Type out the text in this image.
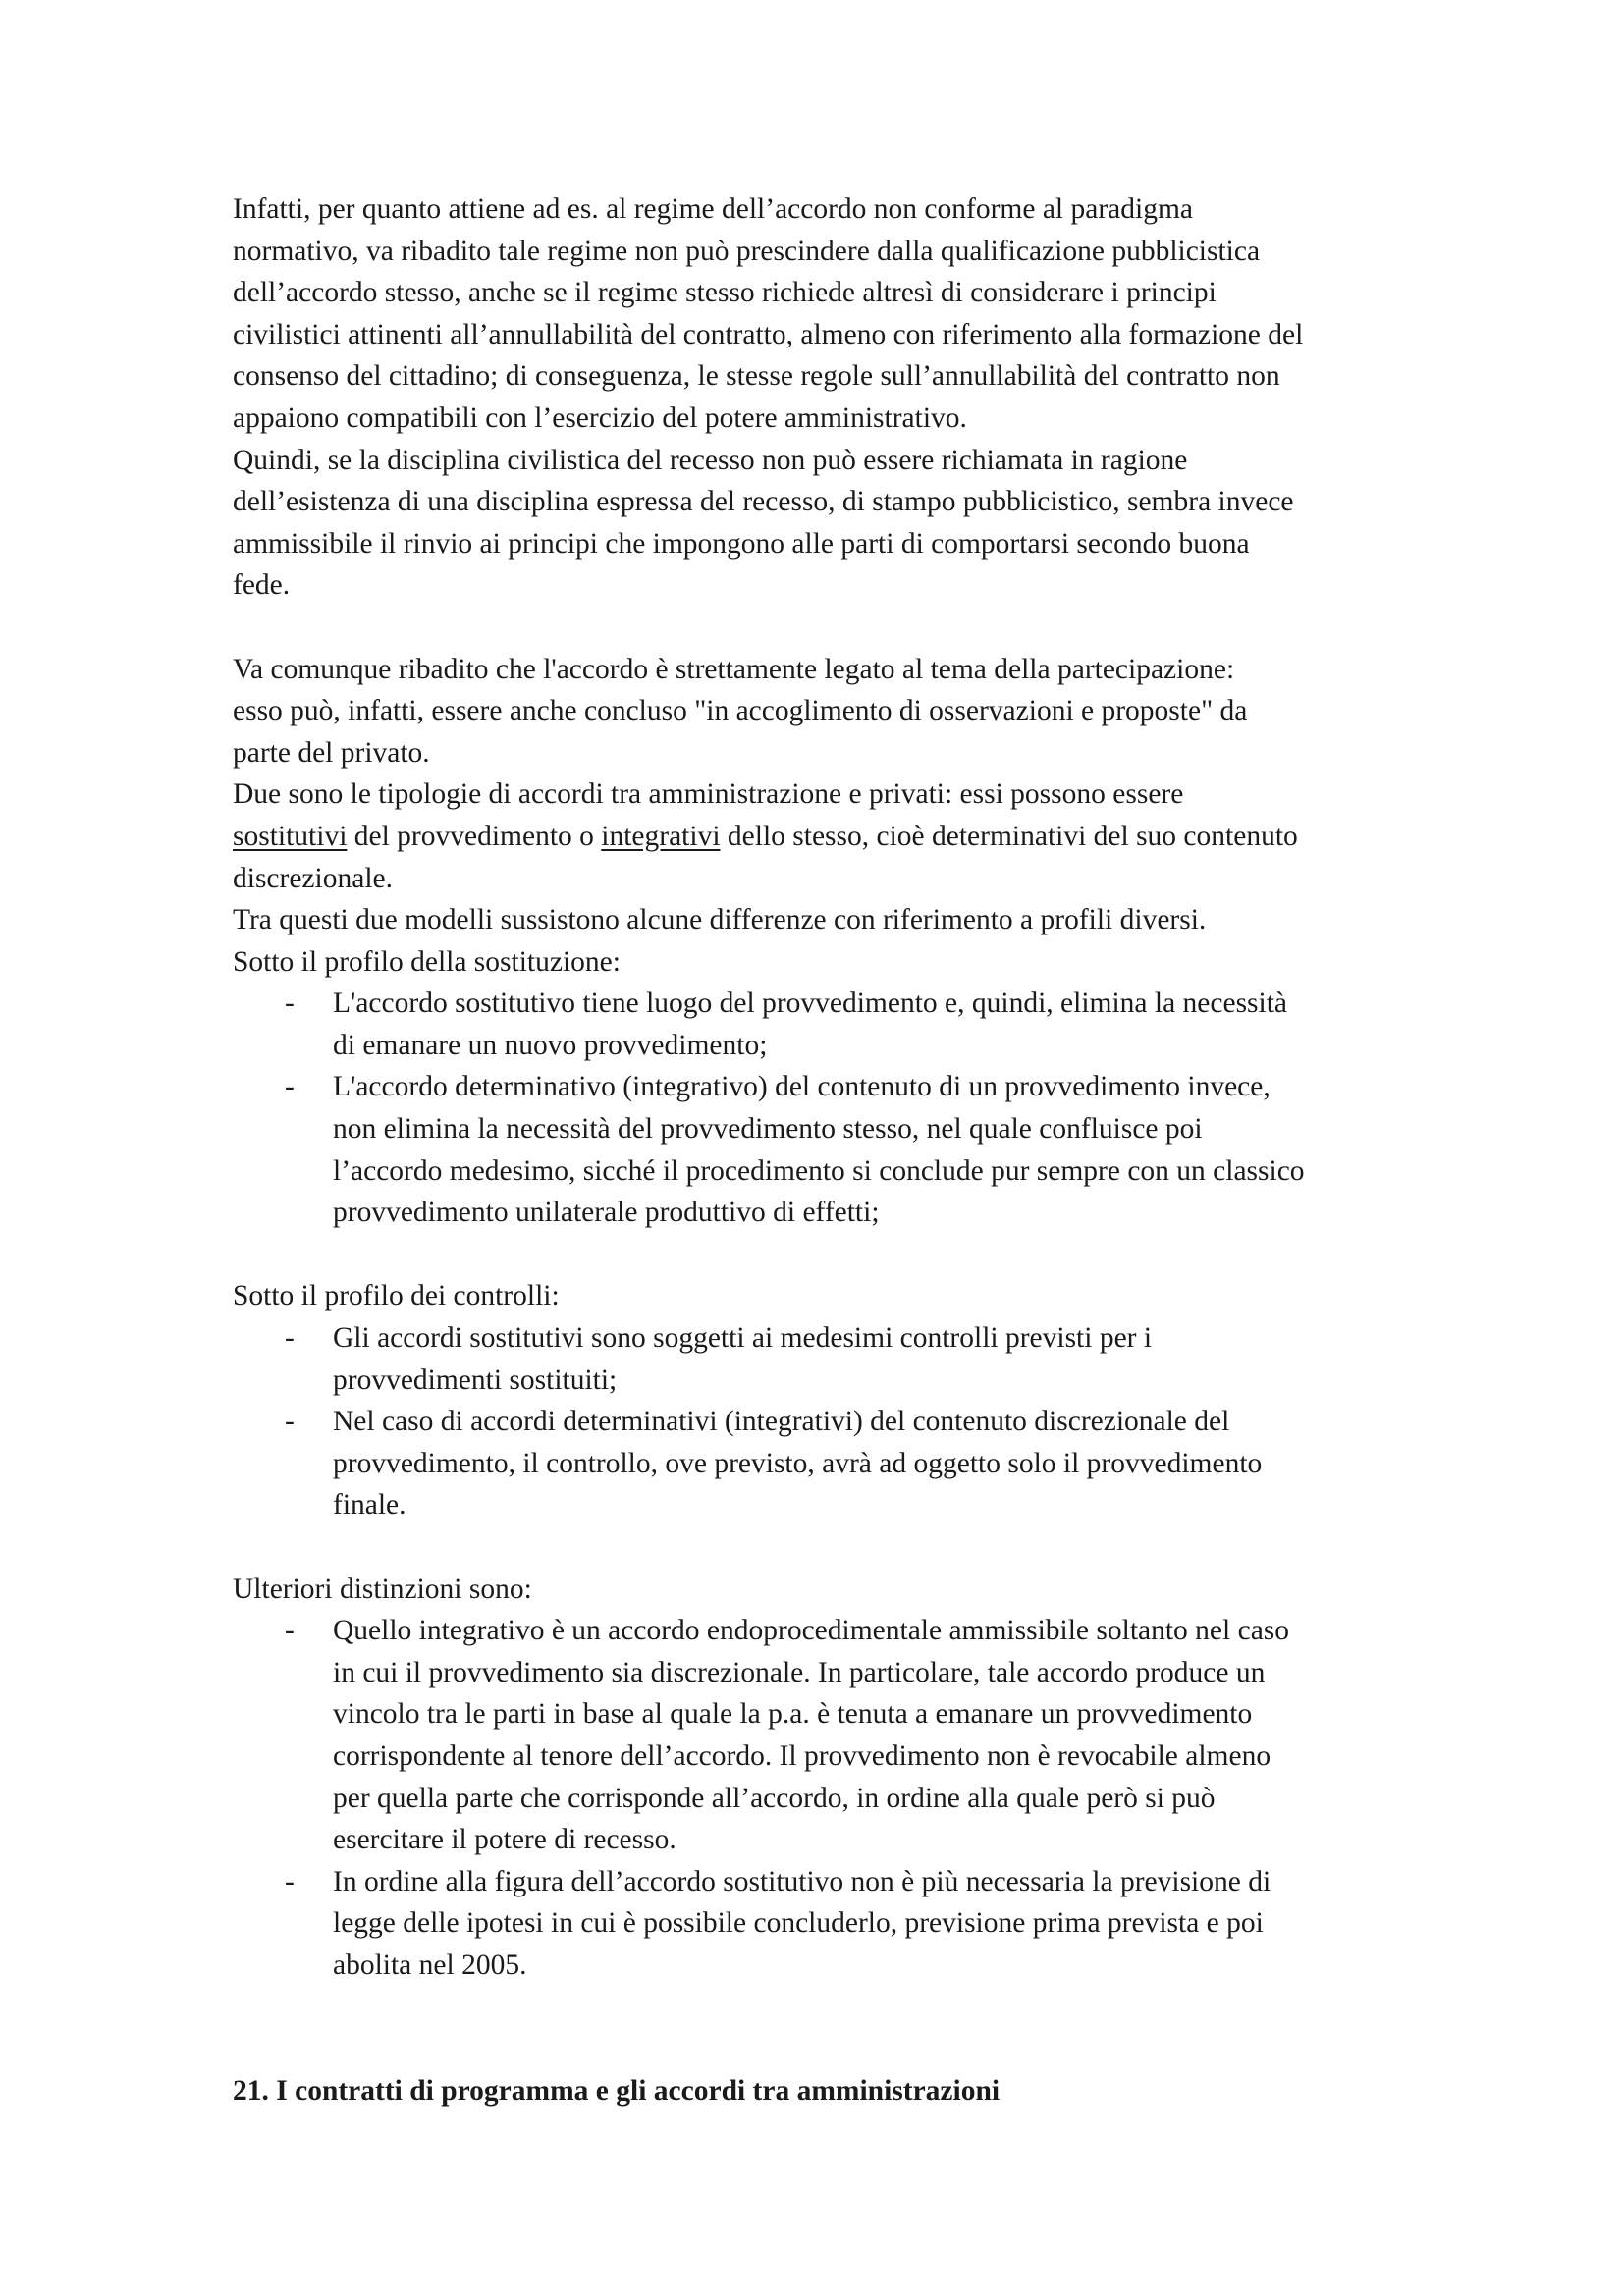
Infatti, per quanto attiene ad es. al regime dell’accordo non conforme al paradigma
normativo, va ribadito tale regime non può prescindere dalla qualificazione pubblicistica
dell’accordo stesso, anche se il regime stesso richiede altresì di considerare i principi
civilistici attinenti all’annullabilità del contratto, almeno con riferimento alla formazione del
consenso del cittadino; di conseguenza, le stesse regole sull’annullabilità del contratto non
appaiono compatibili con l’esercizio del potere amministrativo.

Quindi, se la disciplina civilistica del recesso non può essere richiamata in ragione
dell’esistenza di una disciplina espressa del recesso, di stampo pubblicistico, sembra invece
ammissibile il rinvio ai principi che impongono alle parti di comportarsi secondo buona
fede.

Va comunque ribadito che l'accordo è strettamente legato al tema della partecipazione:
esso può, infatti, essere anche concluso "in accoglimento di osservazioni e proposte" da
parte del privato.

Due sono le tipologie di accordi tra amministrazione e privati: essi possono essere
sostitutivi del provvedimento o integrativi dello stesso, cioè determinativi del suo contenuto
discrezionale.

Tra questi due modelli sussistono alcune differenze con riferimento a profili diversi.

Sotto il profilo della sostituzione:

- L'accordo sostitutivo tiene luogo del provvedimento e, quindi, elimina la necessità
di emanare un nuovo provvedimento;
- L'accordo determinativo (integrativo) del contenuto di un provvedimento invece,
non elimina la necessità del provvedimento stesso, nel quale confluisce poi
l’accordo medesimo, sicché il procedimento si conclude pur sempre con un classico
provvedimento unilaterale produttivo di effetti;

Sotto il profilo dei controlli:

- Gli accordi sostitutivi sono soggetti ai medesimi controlli previsti per i
provvedimenti sostituiti;
- Nel caso di accordi determinativi (integrativi) del contenuto discrezionale del
provvedimento, il controllo, ove previsto, avrà ad oggetto solo il provvedimento
finale.

Ulteriori distinzioni sono:

- Quello integrativo è un accordo endoprocedimentale ammissibile soltanto nel caso
in cui il provvedimento sia discrezionale. In particolare, tale accordo produce un
vincolo tra le parti in base al quale la p.a. è tenuta a emanare un provvedimento
corrispondente al tenore dell’accordo. Il provvedimento non è revocabile almeno
per quella parte che corrisponde all’accordo, in ordine alla quale però si può
esercitare il potere di recesso.
- In ordine alla figura dell’accordo sostitutivo non è più necessaria la previsione di
legge delle ipotesi in cui è possibile concluderlo, previsione prima prevista e poi
abolita nel 2005.
21. I contratti di programma e gli accordi tra amministrazioni
